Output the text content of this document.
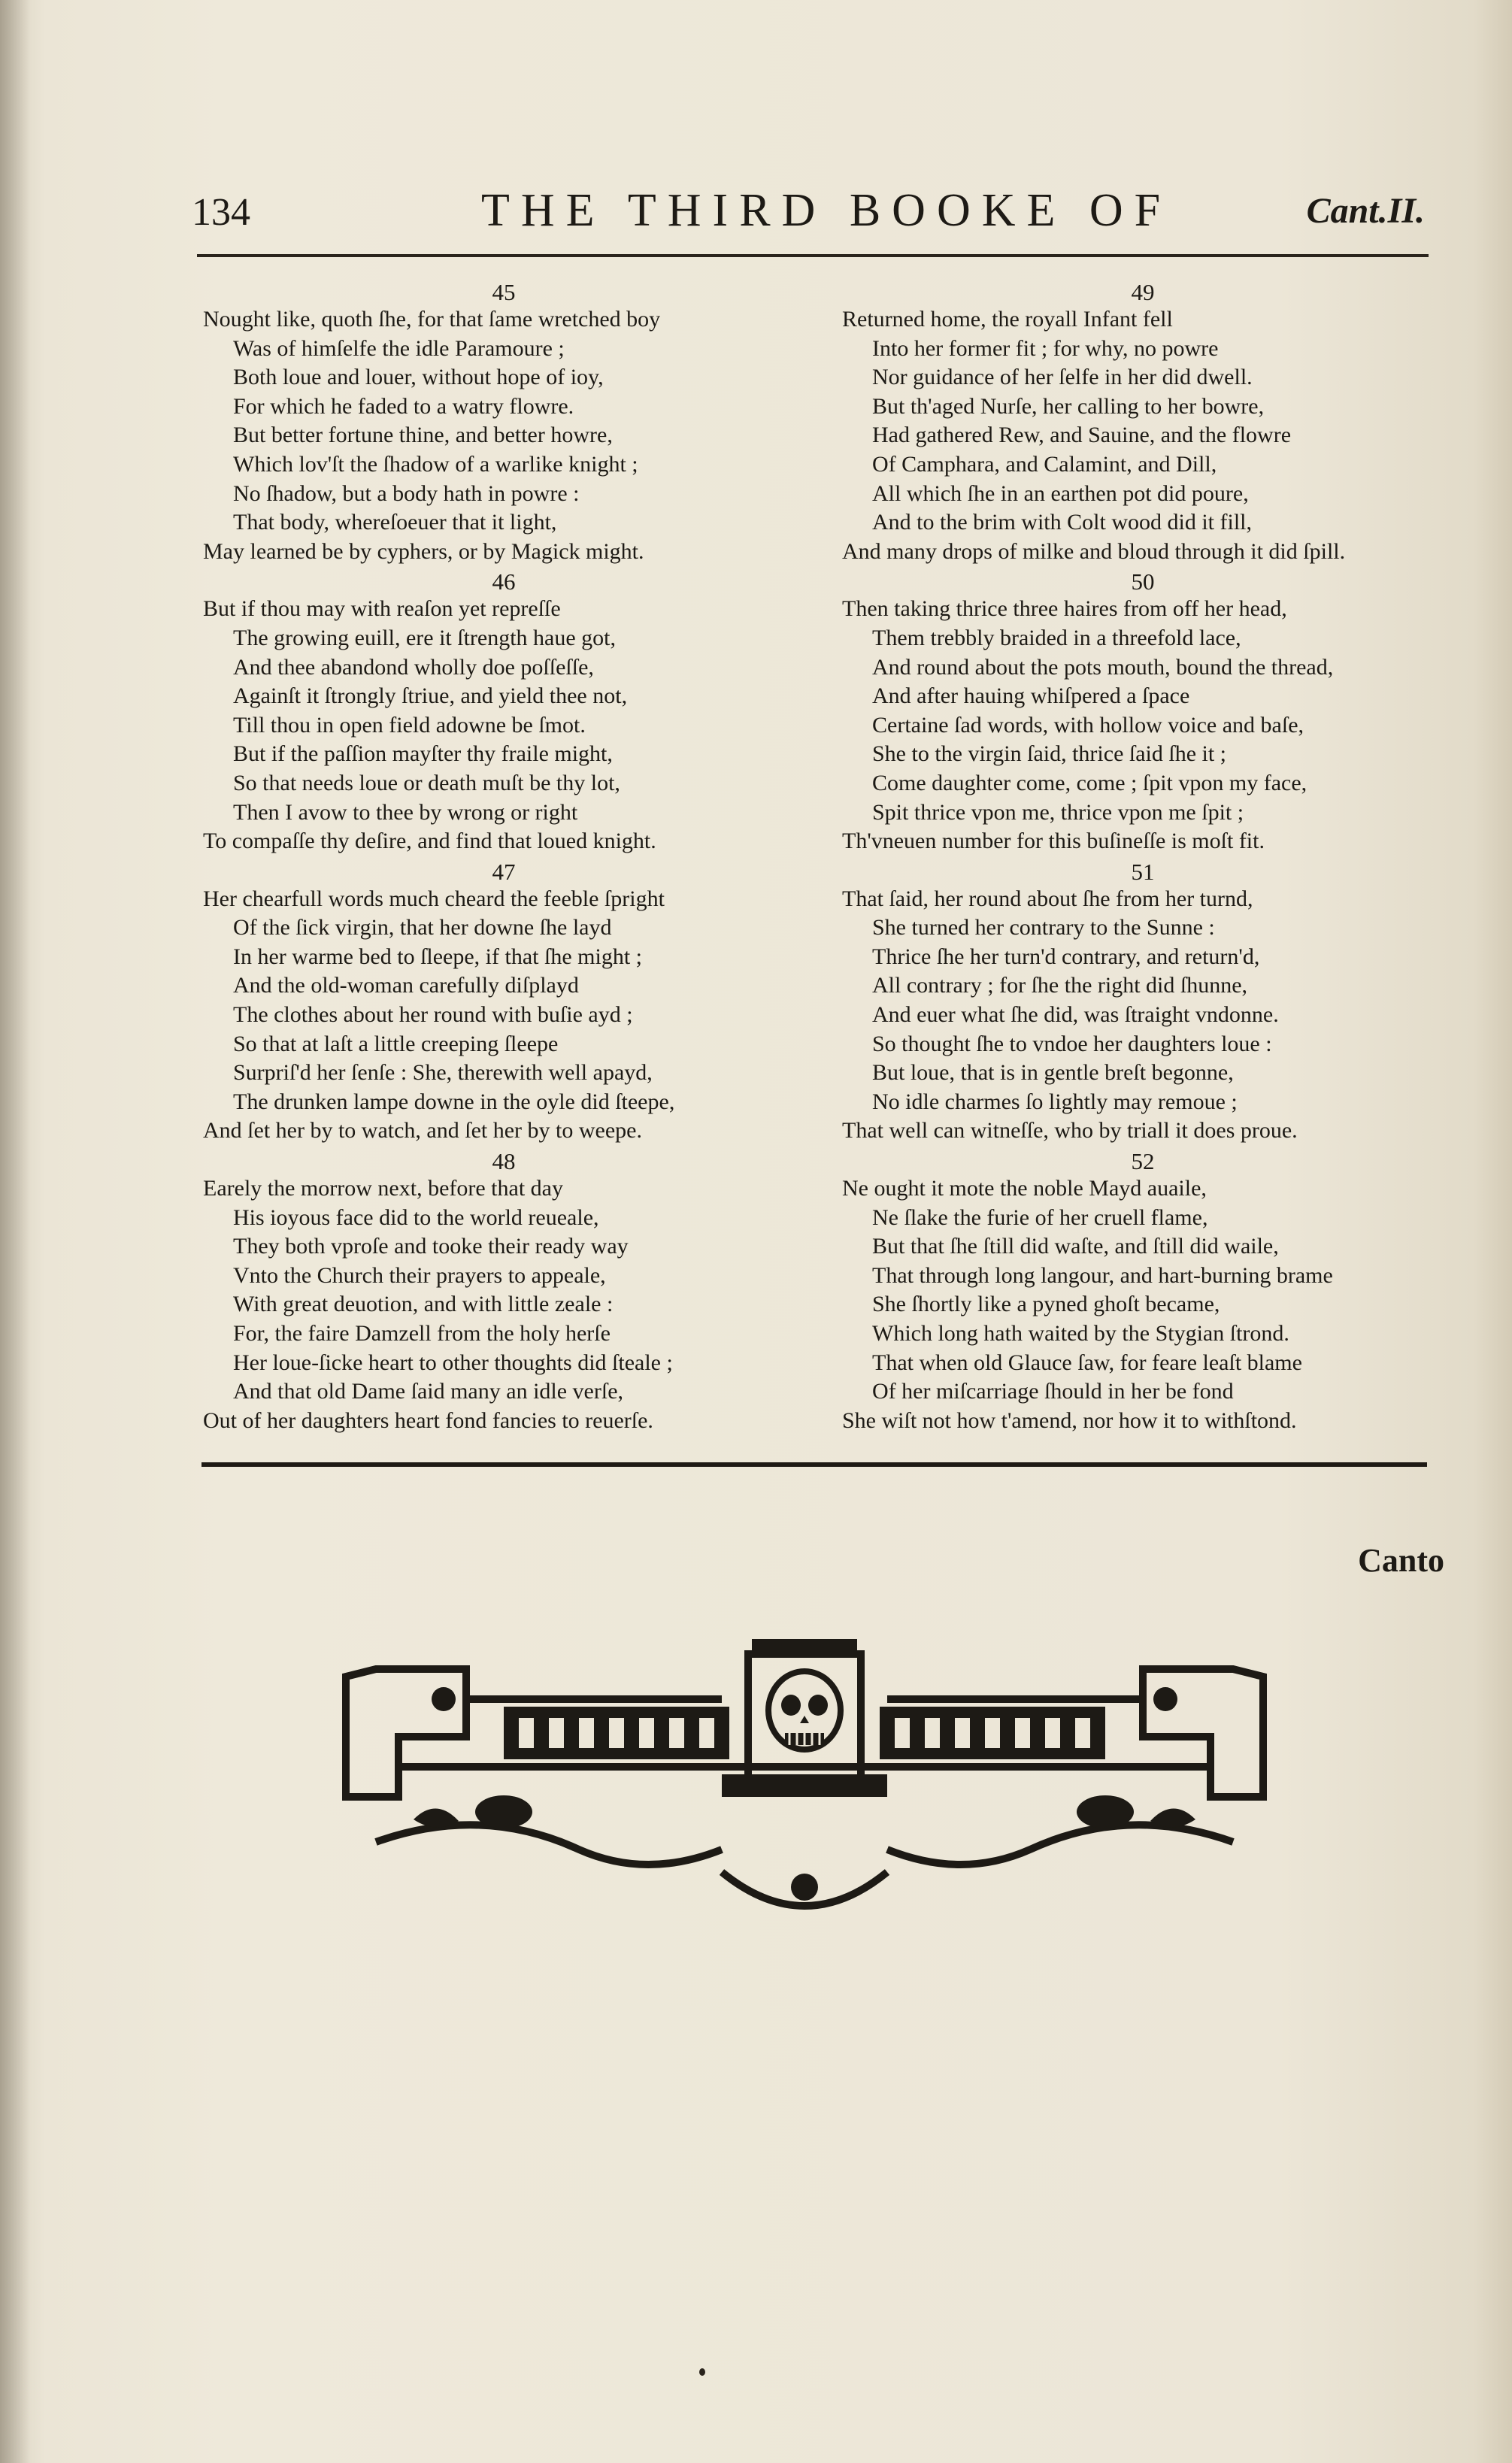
134	THE THIRD BOOKE OF	Cant.II.
45
Nought like, quoth ſhe, for that ſame wretched boy
Was of himſelfe the idle Paramoure ;
Both loue and louer, without hope of ioy,
For which he faded to a watry flowre.
But better fortune thine, and better howre,
Which lov'ſt the ſhadow of a warlike knight ;
No ſhadow, but a body hath in powre :
That body, whereſoeuer that it light,
May learned be by cyphers, or by Magick might.
46
But if thou may with reaſon yet repreſſe
The growing euill, ere it ſtrength haue got,
And thee abandond wholly doe poſſeſſe,
Againſt it ſtrongly ſtriue, and yield thee not,
Till thou in open field adowne be ſmot.
But if the paſſion mayſter thy fraile might,
So that needs loue or death muſt be thy lot,
Then I avow to thee by wrong or right
To compaſſe thy deſire, and find that loued knight.
47
Her chearfull words much cheard the feeble ſpright
Of the ſick virgin, that her downe ſhe layd
In her warme bed to ſleepe, if that ſhe might ;
And the old-woman carefully diſplayd
The clothes about her round with buſie ayd ;
So that at laſt a little creeping ſleepe
Surpriſ'd her ſenſe : She, therewith well apayd,
The drunken lampe downe in the oyle did ſteepe,
And ſet her by to watch, and ſet her by to weepe.
48
Earely the morrow next, before that day
His ioyous face did to the world reueale,
They both vproſe and tooke their ready way
Vnto the Church their prayers to appeale,
With great deuotion, and with little zeale :
For, the faire Damzell from the holy herſe
Her loue-ſicke heart to other thoughts did ſteale ;
And that old Dame ſaid many an idle verſe,
Out of her daughters heart fond fancies to reuerſe.
49
Returned home, the royall Infant fell
Into her former fit ; for why, no powre
Nor guidance of her ſelfe in her did dwell.
But th'aged Nurſe, her calling to her bowre,
Had gathered Rew, and Sauine, and the flowre
Of Camphara, and Calamint, and Dill,
All which ſhe in an earthen pot did poure,
And to the brim with Colt wood did it fill,
And many drops of milke and bloud through it did ſpill.
50
Then taking thrice three haires from off her head,
Them trebbly braided in a threefold lace,
And round about the pots mouth, bound the thread,
And after hauing whiſpered a ſpace
Certaine ſad words, with hollow voice and baſe,
She to the virgin ſaid, thrice ſaid ſhe it ;
Come daughter come, come ; ſpit vpon my face,
Spit thrice vpon me, thrice vpon me ſpit ;
Th'vneuen number for this buſineſſe is moſt fit.
51
That ſaid, her round about ſhe from her turnd,
She turned her contrary to the Sunne :
Thrice ſhe her turn'd contrary, and return'd,
All contrary ; for ſhe the right did ſhunne,
And euer what ſhe did, was ſtraight vndonne.
So thought ſhe to vndoe her daughters loue :
But loue, that is in gentle breſt begonne,
No idle charmes ſo lightly may remoue ;
That well can witneſſe, who by triall it does proue.
52
Ne ought it mote the noble Mayd auaile,
Ne ſlake the furie of her cruell flame,
But that ſhe ſtill did waſte, and ſtill did waile,
That through long langour, and hart-burning brame
She ſhortly like a pyned ghoſt became,
Which long hath waited by the Stygian ſtrond.
That when old Glauce ſaw, for feare leaſt blame
Of her miſcarriage ſhould in her be fond
She wiſt not how t'amend, nor how it to withſtond.
Canto
